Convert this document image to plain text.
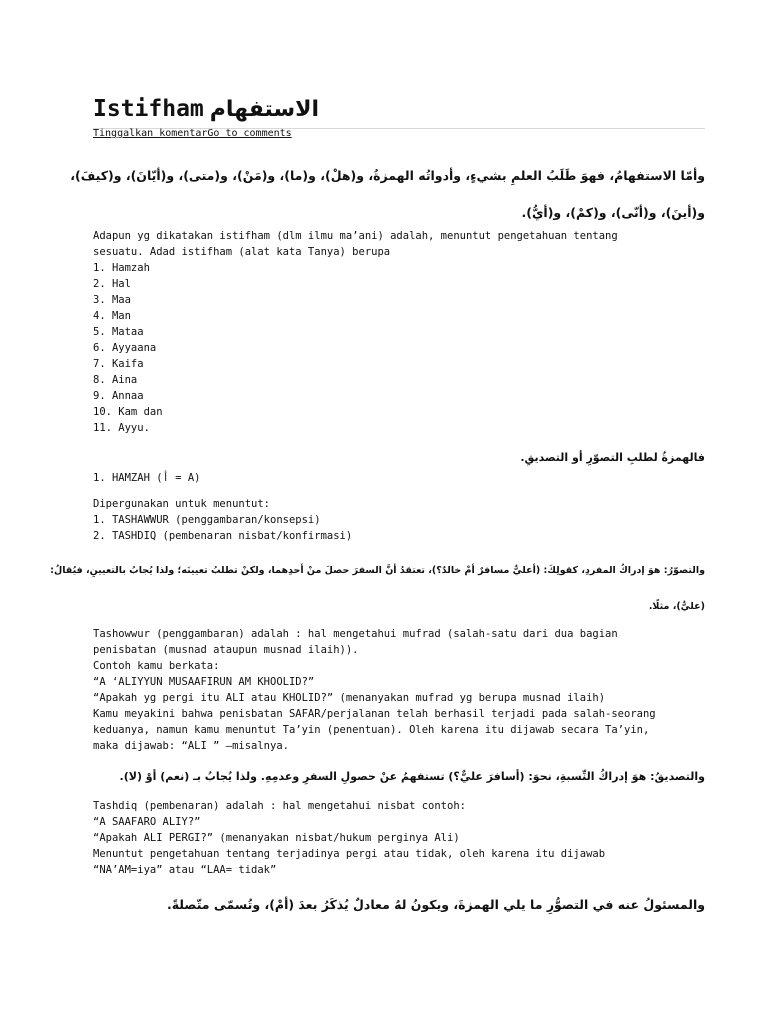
Istifham الاستفهام
Tinggalkan komentarGo to comments
وأمّا الاستفهامُ، فهوَ طَلَبُ العلمِ بشيءٍ، وأدواتُه الهمزةُ، و(هلْ)، و(ما)، و(مَنْ)، و(متى)، و(أيّانَ)، و(كيفَ)،
و(أينَ)، و(أنّى)، و(كمْ)، و(أيُّ).
Adapun yg dikatakan istifham (dlm ilmu ma’ani) adalah, menuntut pengetahuan tentang
sesuatu. Adad istifham (alat kata Tanya) berupa
1. Hamzah
2. Hal
3. Maa
4. Man
5. Mataa
6. Ayyaana
7. Kaifa
8. Aina
9. Annaa
10. Kam dan
11. Ayyu.
فالهمزةُ لطلبِ التصوّرِ أو التصديقِ.
1. HAMZAH (أ = A)
Dipergunakan untuk menuntut:
1. TASHAWWUR (penggambaran/konsepsi)
2. TASHDIQ (pembenaran nisbat/konfirmasi)
والتصوّرُ: هوَ إدراكُ المفردِ، كقولِكَ: (أعليٌّ مسافرٌ أمْ خالدٌ؟)، تعتقدُ أنَّ السفرَ حصلَ منْ أحدِهما، ولكنْ تطلبُ تعيينَه؛ ولذا يُجابُ بالتعيينِ، فيُقالُ:
(عليٌّ)، مثلًا.
Tashowwur (penggambaran) adalah : hal mengetahui mufrad (salah-satu dari dua bagian
penisbatan (musnad ataupun musnad ilaih)).
Contoh kamu berkata:
“A ‘ALIYYUN MUSAAFIRUN AM KHOOLID?”
“Apakah yg pergi itu ALI atau KHOLID?” (menanyakan mufrad yg berupa musnad ilaih)
Kamu meyakini bahwa penisbatan SAFAR/perjalanan telah berhasil terjadi pada salah-seorang
keduanya, namun kamu menuntut Ta’yin (penentuan). Oleh karena itu dijawab secara Ta’yin,
maka dijawab: “ALI ” –misalnya.
والتصديقُ: هوَ إدراكُ النِّسبةِ، نحوَ: (أسافرَ عليٌّ؟) تستفهمُ عنْ حصولِ السفرِ وعدمِهِ. ولذا يُجابُ بـ (نعم) أوْ (لا).
Tashdiq (pembenaran) adalah : hal mengetahui nisbat contoh:
“A SAAFARO ALIY?”
“Apakah ALI PERGI?” (menanyakan nisbat/hukum perginya Ali)
Menuntut pengetahuan tentang terjadinya pergi atau tidak, oleh karena itu dijawab
“NA’AM=iya” atau “LAA= tidak”
والمسئولُ عنه في التصوُّرِ ما يلي الهمزةَ، ويكونُ لهُ معادلٌ يُذكَرُ بعدَ (أمْ)، وتُسمّى متّصلةً.
